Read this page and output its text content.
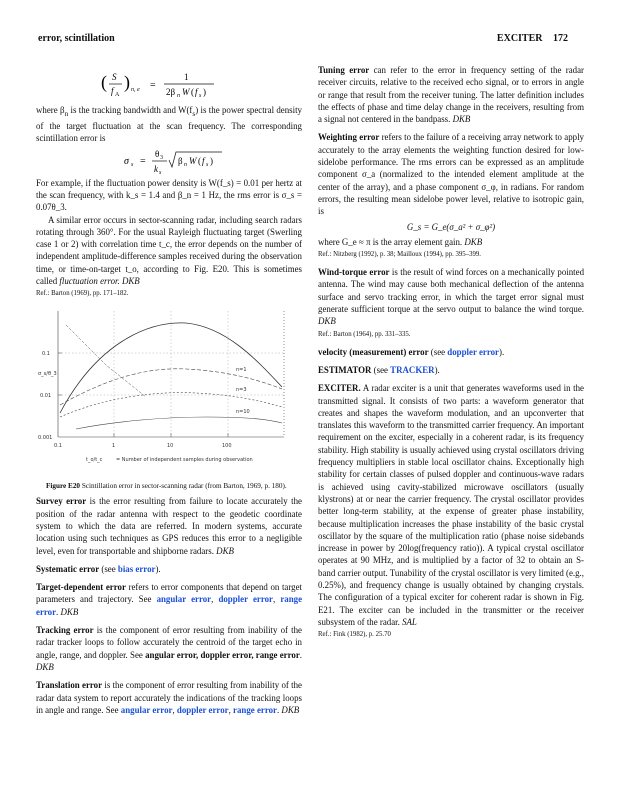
error, scintillation	EXCITER 172
( S
f A
) n, e =
1
2β n W ( f s )

where $\beta_n$ is the tracking bandwidth and $W(f_s)$ is the power spectral density of the target fluctuation at the scan frequency. The corresponding scintillation error is

σ s =
θ 3
k s
β n W ( f s )

For example, if the fluctuation power density is W(f_s) = 0.01 per hertz at the scan frequency, with k_s = 1.4 and β_n = 1 Hz, the rms error is σ_s = 0.07θ_3.

A similar error occurs in sector-scanning radar, including search radars rotating through 360°. For the usual Rayleigh fluctuating target (Swerling case 1 or 2) with correlation time t_c, the error depends on the number of independent amplitude-difference samples received during the observation time, or time-on-target t_o, according to Fig. E20. This is sometimes called fluctuation error. DKB

Ref.: Barton (1969), pp. 171–182.

σ_s/θ_3
0.1
0.01
0.001
0.1	1	10	100
t_o/t_c	= Number of independent samples during observation
n=1
n=3
n=10

Figure E20 Scintillation error in sector-scanning radar (from Barton, 1969, p. 180).

Survey error is the error resulting from failure to locate accurately the position of the radar antenna with respect to the geodetic coordinate system to which the data are referred. In modern systems, accurate location using such techniques as GPS reduces this error to a negligible level, even for transportable and shipborne radars. DKB

Systematic error (see bias error).

Target-dependent error refers to error components that depend on target parameters and trajectory. See angular error, doppler error, range error. DKB

Tracking error is the component of error resulting from inability of the radar tracker loops to follow accurately the centroid of the target echo in angle, range, and doppler. See angular error, doppler error, range error. DKB

Translation error is the component of error resulting from inability of the radar data system to report accurately the indications of the tracking loops in angle and range. See angular error, doppler error, range error. DKB

Tuning error can refer to the error in frequency setting of the radar receiver circuits, relative to the received echo signal, or to errors in angle or range that result from the receiver tuning. The latter definition includes the effects of phase and time delay change in the receivers, resulting from a signal not centered in the bandpass. DKB

Weighting error refers to the failure of a receiving array network to apply accurately to the array elements the weighting function desired for low-sidelobe performance. The rms errors can be expressed as an amplitude component σ_a (normalized to the intended element amplitude at the center of the array), and a phase component σ_φ, in radians. For random errors, the resulting mean sidelobe power level, relative to isotropic gain, is

G_s = G_e(σ_a² + σ_φ²)

where G_e ≈ π is the array element gain. DKB

Ref.: Nitzberg (1992), p. 38; Mailloux (1994), pp. 395–399.

Wind-torque error is the result of wind forces on a mechanically pointed antenna. The wind may cause both mechanical deflection of the antenna surface and servo tracking error, in which the target error signal must generate sufficient torque at the servo output to balance the wind torque. DKB

Ref.: Barton (1964), pp. 331–335.

velocity (measurement) error (see doppler error).

ESTIMATOR (see TRACKER).

EXCITER. A radar exciter is a unit that generates waveforms used in the transmitted signal. It consists of two parts: a waveform generator that creates and shapes the waveform modulation, and an upconverter that translates this waveform to the transmitted carrier frequency. An important requirement on the exciter, especially in a coherent radar, is its frequency stability. High stability is usually achieved using crystal oscillators driving frequency multipliers in stable local oscillator chains. Exceptionally high stability for certain classes of pulsed doppler and continuous-wave radars is achieved using cavity-stabilized microwave oscillators (usually klystrons) at or near the carrier frequency. The crystal oscillator provides better long-term stability, at the expense of greater phase instability, because multiplication increases the phase instability of the basic crystal oscillator by the square of the multiplication ratio (phase noise sidebands increase in power by 20log(frequency ratio)). A typical crystal oscillator operates at 90 MHz, and is multiplied by a factor of 32 to obtain an S-band carrier output. Tunability of the crystal oscillator is very limited (e.g., 0.25%), and frequency change is usually obtained by changing crystals. The configuration of a typical exciter for coherent radar is shown in Fig. E21. The exciter can be included in the transmitter or the receiver subsystem of the radar. SAL

Ref.: Fink (1982), p. 25.70
